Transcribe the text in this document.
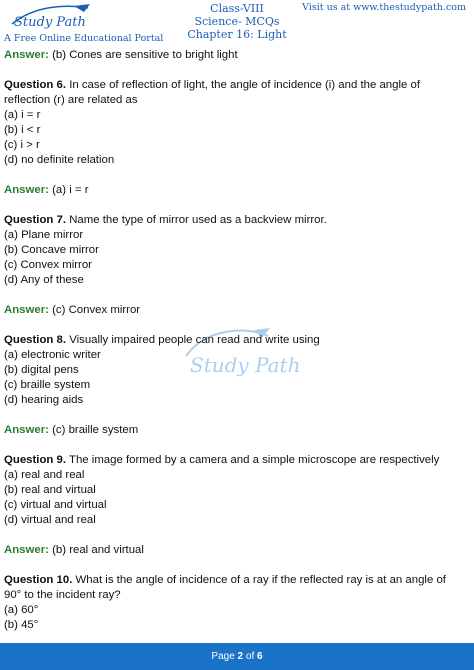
Study Path
A Free Online Educational Portal
Visit us at www.thestudypath.com
Class-VIII
Science- MCQs
Chapter 16: Light
Study Path

Answer: (b) Cones are sensitive to bright light

Question 6. In case of reflection of light, the angle of incidence (i) and the angle of

reflection (r) are related as

(a) i = r

(b) i < r

(c) i > r

(d) no definite relation

Answer: (a) i = r

Question 7. Name the type of mirror used as a backview mirror.

(a) Plane mirror

(b) Concave mirror

(c) Convex mirror

(d) Any of these

Answer: (c) Convex mirror

Question 8. Visually impaired people can read and write using

(a) electronic writer

(b) digital pens

(c) braille system

(d) hearing aids

Answer: (c) braille system

Question 9. The image formed by a camera and a simple microscope are respectively

(a) real and real

(b) real and virtual

(c) virtual and virtual

(d) virtual and real

Answer: (b) real and virtual

Question 10. What is the angle of incidence of a ray if the reflected ray is at an angle of

90° to the incident ray?

(a) 60°

(b) 45°

Page 2 of 6
